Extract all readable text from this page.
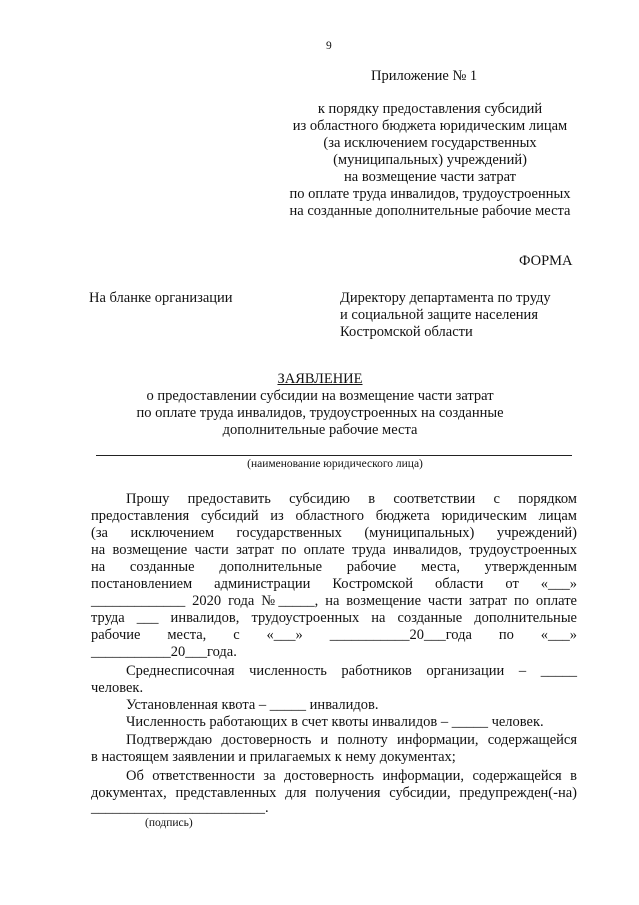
9
Приложение № 1
к порядку предоставления субсидий
из областного бюджета юридическим лицам
(за исключением государственных
(муниципальных) учреждений)
на возмещение части затрат
по оплате труда инвалидов, трудоустроенных
на созданные дополнительные рабочие места
ФОРМА
На бланке организации	Директору департамента по труду
и социальной защите населения
Костромской области
ЗАЯВЛЕНИЕ
о предоставлении субсидии на возмещение части затрат
по оплате труда инвалидов, трудоустроенных на созданные
дополнительные рабочие места
(наименование юридического лица)
Прошу предоставить субсидию в соответствии с порядком
предоставления субсидий из областного бюджета юридическим лицам
(за исключением государственных (муниципальных) учреждений)
на возмещение части затрат по оплате труда инвалидов, трудоустроенных
на созданные дополнительные рабочие места, утвержденным
постановлением администрации Костромской области от «___»
_____________ 2020 года №_____, на возмещение части затрат по оплате
труда ___ инвалидов, трудоустроенных на созданные дополнительные
рабочие места, с «___» ___________20___года по «___»
___________20___года.
Среднесписочная численность работников организации – _____
человек.
Установленная квота – _____ инвалидов.
Численность работающих в счет квоты инвалидов – _____ человек.
Подтверждаю достоверность и полноту информации, содержащейся
в настоящем заявлении и прилагаемых к нему документах;
Об ответственности за достоверность информации, содержащейся в
документах, представленных для получения субсидии, предупрежден(-на)
________________________.
(подпись)
